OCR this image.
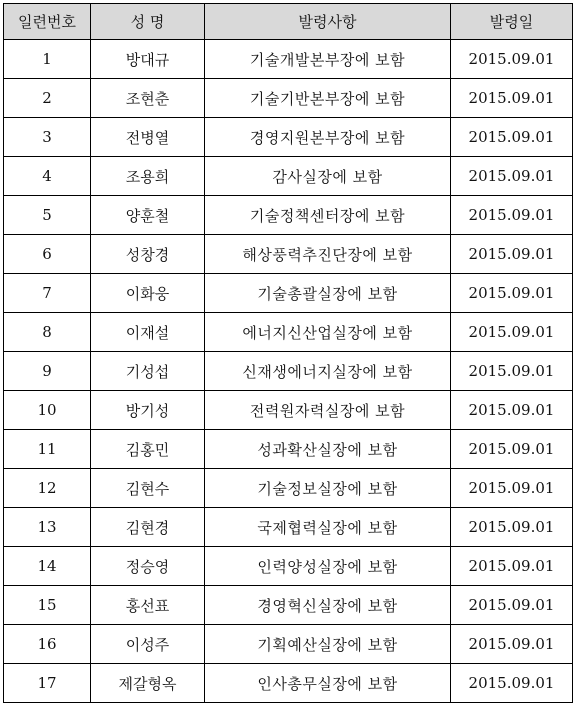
일련번호	성 명	발령사항	발령일
1	방대규	기술개발본부장에 보함	2015.09.01
2	조현춘	기술기반본부장에 보함	2015.09.01
3	전병열	경영지원본부장에 보함	2015.09.01
4	조용희	감사실장에 보함	2015.09.01
5	양훈철	기술정책센터장에 보함	2015.09.01
6	성창경	해상풍력추진단장에 보함	2015.09.01
7	이화웅	기술총괄실장에 보함	2015.09.01
8	이재설	에너지신산업실장에 보함	2015.09.01
9	기성섭	신재생에너지실장에 보함	2015.09.01
10	방기성	전력원자력실장에 보함	2015.09.01
11	김홍민	성과확산실장에 보함	2015.09.01
12	김현수	기술정보실장에 보함	2015.09.01
13	김현경	국제협력실장에 보함	2015.09.01
14	정승영	인력양성실장에 보함	2015.09.01
15	홍선표	경영혁신실장에 보함	2015.09.01
16	이성주	기획예산실장에 보함	2015.09.01
17	제갈형옥	인사총무실장에 보함	2015.09.01
